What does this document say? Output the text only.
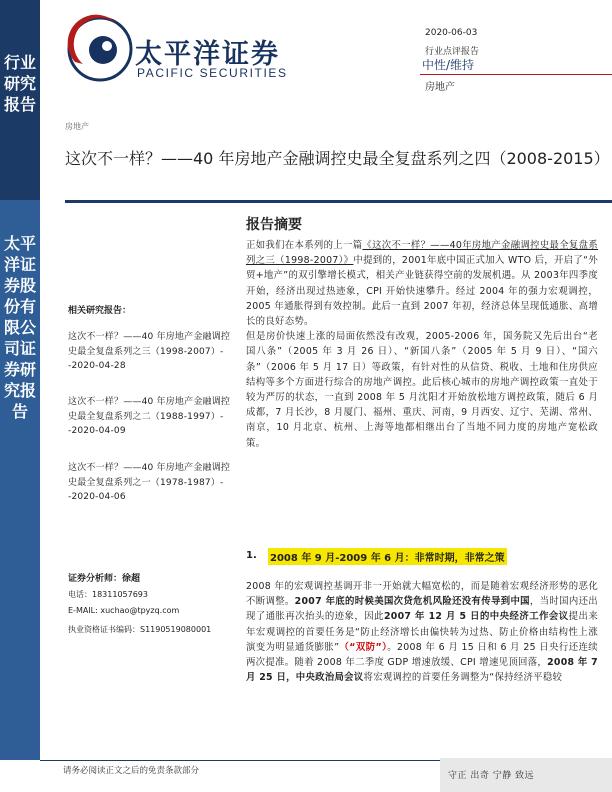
行业研究报告
太平洋证券股份有限公司证券研究报告
太平洋证券
PACIFIC SECURITIES
2020-06-03
行业点评报告
中性/维持
房地产
房地产
这次不一样？——40 年房地产金融调控史最全复盘系列之四（2008-2015）
报告摘要

正如我们在本系列的上一篇《这次不一样？——40年房地产金融调控史最全复盘系列之三（1998-2007）》中提到的，2001年底中国正式加入 WTO 后，开启了“外贸+地产”的双引擎增长模式，相关产业链获得空前的发展机遇。从 2003年四季度开始，经济出现过热迹象，CPI 开始快速攀升。经过 2004 年的强力宏观调控，2005 年通胀得到有效控制。此后一直到 2007 年初，经济总体呈现低通胀、高增长的良好态势。

但是房价快速上涨的局面依然没有改观，2005-2006 年，国务院又先后出台“老国八条”（2005 年 3 月 26 日）、“新国八条”（2005 年 5 月 9 日）、“国六条”（2006 年 5 月 17 日）等政策，有针对性的从信贷、税收、土地和住房供应结构等多个方面进行综合的房地产调控。此后核心城市的房地产调控政策一直处于较为严厉的状态，一直到 2008 年 5 月沈阳才开始放松地方调控政策，随后 6 月成都，7 月长沙，8 月厦门、福州、重庆、河南，9 月西安、辽宁、芜湖、常州、南京，10 月北京、杭州、上海等地都相继出台了当地不同力度的房地产宽松政策。

相关研究报告：
这次不一样？——40 年房地产金融调控史最全复盘系列之三（1998-2007）--2020-04-28
这次不一样？——40 年房地产金融调控史最全复盘系列之二（1988-1997）--2020-04-09
这次不一样？——40 年房地产金融调控史最全复盘系列之一（1978-1987）--2020-04-06
证券分析师：徐超
电话：18311057693
E-MAIL: xuchao@tpyzq.com
执业资格证书编码：S1190519080001
1. 2008 年 9 月-2009 年 6 月：非常时期，非常之策

2008 年的宏观调控基调开非一开始就大幅宽松的，而是随着宏观经济形势的恶化不断调整。2007 年底的时候美国次贷危机风险还没有传导到中国，当时国内还出现了通胀再次抬头的迹象，因此2007 年 12 月 5 日的中央经济工作会议提出来年宏观调控的首要任务是“防止经济增长由偏快转为过热、防止价格由结构性上涨演变为明显通货膨胀”（“双防”）。2008 年 6 月 15 日和 6 月 25 日央行还连续两次提准。随着 2008 年二季度 GDP 增速放缓、CPI 增速见顶回落，2008 年 7 月 25 日，中央政治局会议将宏观调控的首要任务调整为“保持经济平稳较

请务必阅读正文之后的免责条款部分	守正 出奇 宁静 致远
